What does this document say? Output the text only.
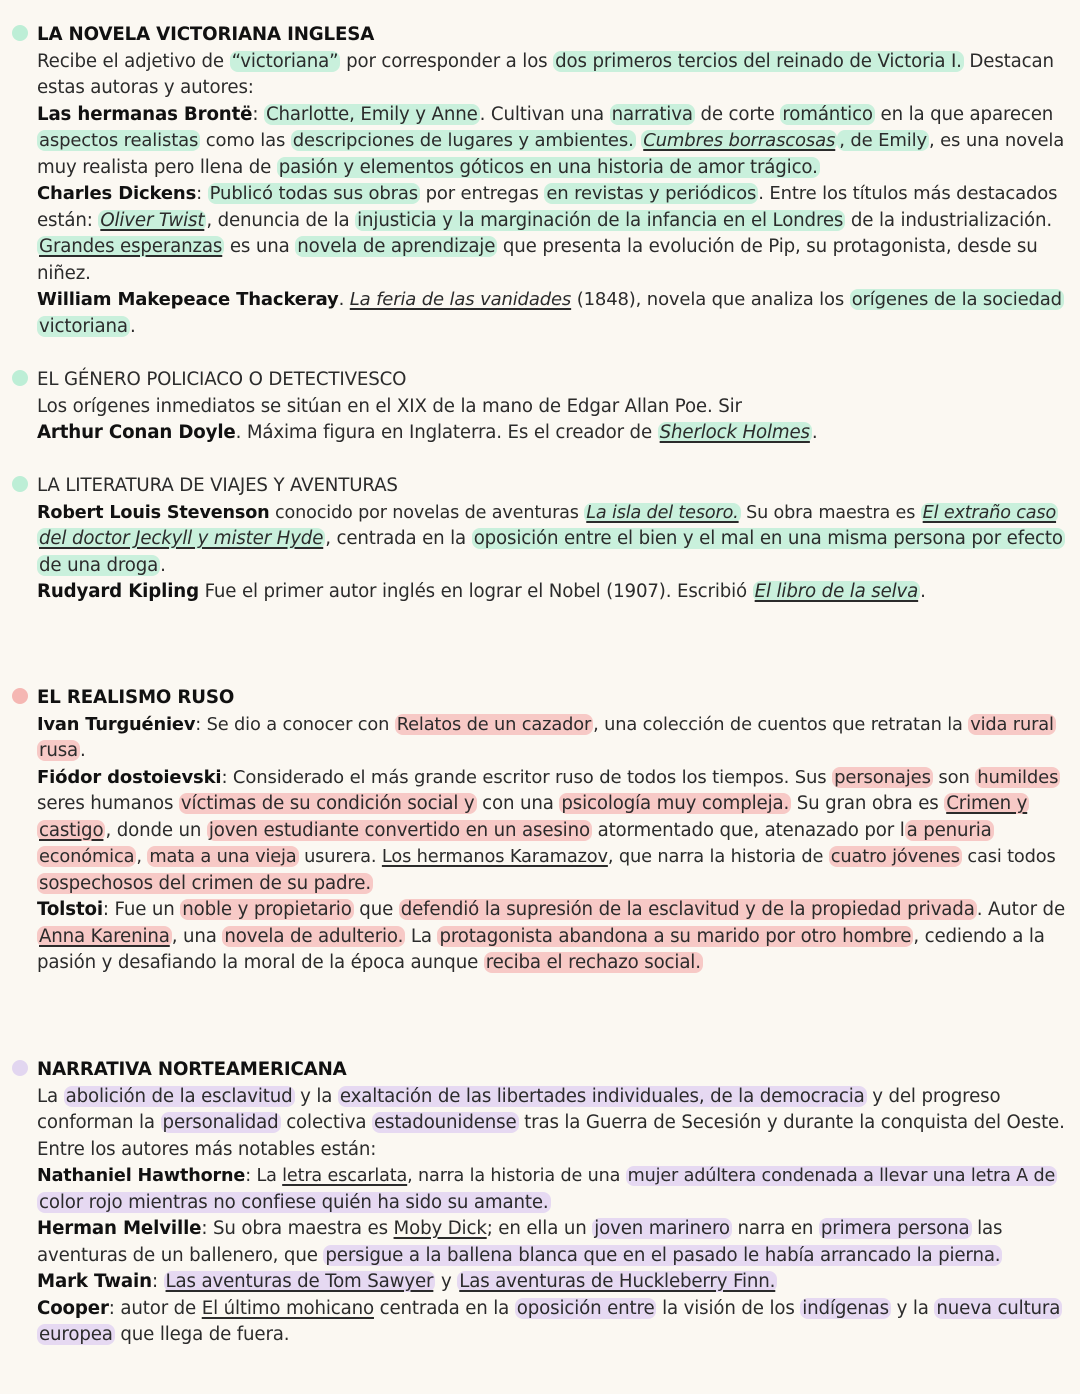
LA NOVELA VICTORIANA INGLESA
Recibe el adjetivo de “victoriana” por corresponder a los dos primeros tercios del reinado de Victoria I. Destacan
estas autoras y autores:
Las hermanas Brontë: Charlotte, Emily y Anne . Cultivan una narrativa de corte romántico en la que aparecen
aspectos realistas como las descripciones de lugares y ambientes. Cumbres borrascosas , de Emily , es una novela
muy realista pero llena de pasión y elementos góticos en una historia de amor trágico.
Charles Dickens: Publicó todas sus obras por entregas en revistas y periódicos . Entre los títulos más destacados
están: Oliver Twist , denuncia de la injusticia y la marginación de la infancia en el Londres de la industrialización.
Grandes esperanzas es una novela de aprendizaje que presenta la evolución de Pip, su protagonista, desde su
niñez.
William Makepeace Thackeray. La feria de las vanidades (1848), novela que analiza los orígenes de la sociedad
victoriana .
EL GÉNERO POLICIACO O DETECTIVESCO
Los orígenes inmediatos se sitúan en el XIX de la mano de Edgar Allan Poe. Sir
Arthur Conan Doyle. Máxima figura en Inglaterra. Es el creador de Sherlock Holmes .
LA LITERATURA DE VIAJES Y AVENTURAS
Robert Louis Stevenson conocido por novelas de aventuras La isla del tesoro. Su obra maestra es El extraño caso
del doctor Jeckyll y mister Hyde , centrada en la oposición entre el bien y el mal en una misma persona por efecto
de una droga .
Rudyard Kipling Fue el primer autor inglés en lograr el Nobel (1907). Escribió El libro de la selva .
EL REALISMO RUSO
Ivan Turguéniev: Se dio a conocer con Relatos de un cazador , una colección de cuentos que retratan la vida rural
rusa .
Fiódor dostoievski: Considerado el más grande escritor ruso de todos los tiempos. Sus personajes son humildes
seres humanos víctimas de su condición social y con una psicología muy compleja. Su gran obra es Crimen y
castigo , donde un joven estudiante convertido en un asesino atormentado que, atenazado por l a penuria
económica , mata a una vieja usurera. Los hermanos Karamazov, que narra la historia de cuatro jóvenes casi todos
sospechosos del crimen de su padre.
Tolstoi: Fue un noble y propietario que defendió la supresión de la esclavitud y de la propiedad privada . Autor de
Anna Karenina , una novela de adulterio. La protagonista abandona a su marido por otro hombre , cediendo a la
pasión y desafiando la moral de la época aunque reciba el rechazo social.
NARRATIVA NORTEAMERICANA
La abolición de la esclavitud y la exaltación de las libertades individuales, de la democracia y del progreso
conforman la personalidad colectiva estadounidense tras la Guerra de Secesión y durante la conquista del Oeste.
Entre los autores más notables están:
Nathaniel Hawthorne: La letra escarlata, narra la historia de una mujer adúltera condenada a llevar una letra A de
color rojo mientras no confiese quién ha sido su amante.
Herman Melville: Su obra maestra es Moby Dick; en ella un joven marinero narra en primera persona las
aventuras de un ballenero, que persigue a la ballena blanca que en el pasado le había arrancado la pierna.
Mark Twain: Las aventuras de Tom Sawyer y Las aventuras de Huckleberry Finn.
Cooper: autor de El último mohicano centrada en la oposición entre la visión de los indígenas y la nueva cultura
europea que llega de fuera.
